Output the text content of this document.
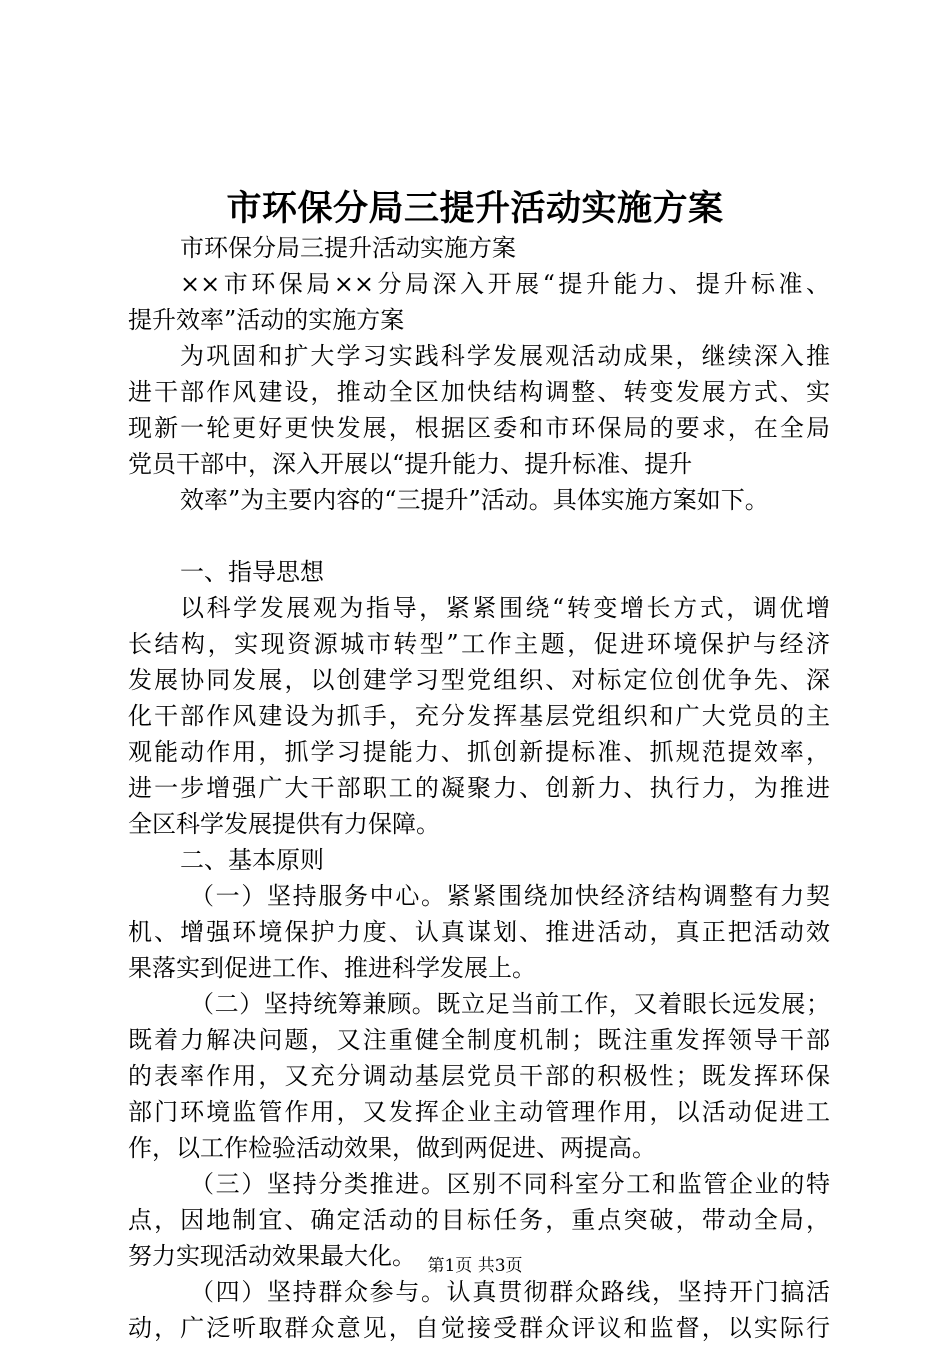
市环保分局三提升活动实施方案
市环保分局三提升活动实施方案
××市环保局××分局深入开展“提升能力、提升标准、
提升效率”活动的实施方案
为巩固和扩大学习实践科学发展观活动成果，继续深入推
进干部作风建设，推动全区加快结构调整、转变发展方式、实
现新一轮更好更快发展，根据区委和市环保局的要求，在全局
党员干部中，深入开展以“提升能力、提升标准、提升
效率”为主要内容的“三提升”活动。具体实施方案如下。
一、指导思想
以科学发展观为指导，紧紧围绕“转变增长方式，调优增
长结构，实现资源城市转型”工作主题，促进环境保护与经济
发展协同发展，以创建学习型党组织、对标定位创优争先、深
化干部作风建设为抓手，充分发挥基层党组织和广大党员的主
观能动作用，抓学习提能力、抓创新提标准、抓规范提效率，
进一步增强广大干部职工的凝聚力、创新力、执行力，为推进
全区科学发展提供有力保障。
二、基本原则
（一）坚持服务中心。紧紧围绕加快经济结构调整有力契
机、增强环境保护力度、认真谋划、推进活动，真正把活动效
果落实到促进工作、推进科学发展上。
（二）坚持统筹兼顾。既立足当前工作，又着眼长远发展；
既着力解决问题，又注重健全制度机制；既注重发挥领导干部
的表率作用，又充分调动基层党员干部的积极性；既发挥环保
部门环境监管作用，又发挥企业主动管理作用，以活动促进工
作，以工作检验活动效果，做到两促进、两提高。
（三）坚持分类推进。区别不同科室分工和监管企业的特
点，因地制宜、确定活动的目标任务，重点突破，带动全局，
努力实现活动效果最大化。
（四）坚持群众参与。认真贯彻群众路线，坚持开门搞活
动，广泛听取群众意见，自觉接受群众评议和监督，以实际行
第1页 共3页
